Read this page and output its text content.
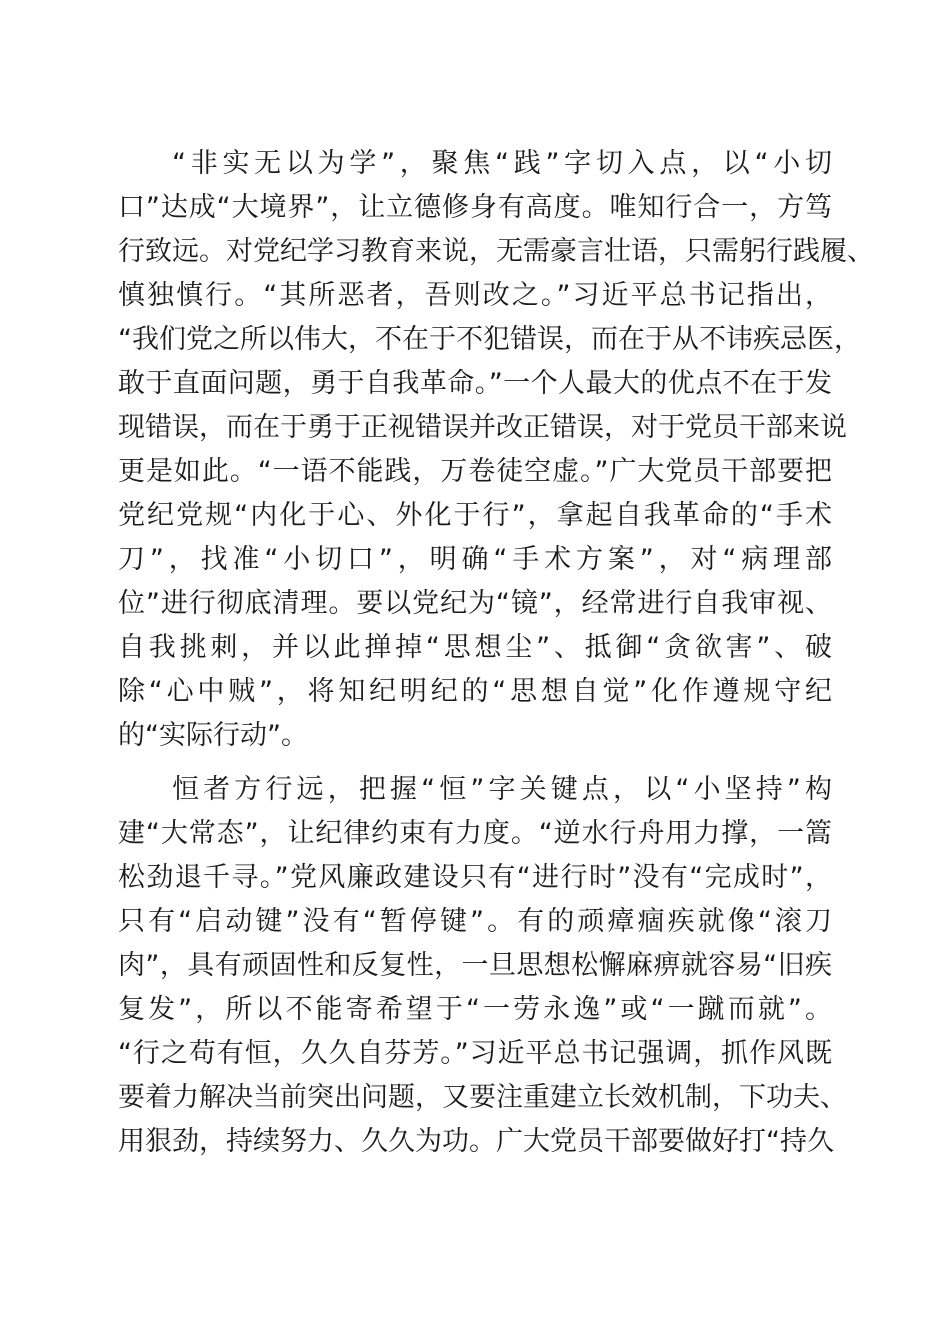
“非实无以为学”，聚焦“践”字切入点，以“小切
口”达成“大境界”，让立德修身有高度。唯知行合一，方笃
行致远。对党纪学习教育来说，无需豪言壮语，只需躬行践履、
慎独慎行。“其所恶者，吾则改之。”习近平总书记指出，
“我们党之所以伟大，不在于不犯错误，而在于从不讳疾忌医，
敢于直面问题，勇于自我革命。”一个人最大的优点不在于发
现错误，而在于勇于正视错误并改正错误，对于党员干部来说
更是如此。“一语不能践，万卷徒空虚。”广大党员干部要把
党纪党规“内化于心、外化于行”，拿起自我革命的“手术
刀”，找准“小切口”，明确“手术方案”，对“病理部
位”进行彻底清理。要以党纪为“镜”，经常进行自我审视、
自我挑刺，并以此掸掉“思想尘”、抵御“贪欲害”、破
除“心中贼”，将知纪明纪的“思想自觉”化作遵规守纪
的“实际行动”。
恒者方行远，把握“恒”字关键点，以“小坚持”构
建“大常态”，让纪律约束有力度。“逆水行舟用力撑，一篙
松劲退千寻。”党风廉政建设只有“进行时”没有“完成时”，
只有“启动键”没有“暂停键”。有的顽瘴痼疾就像“滚刀
肉”，具有顽固性和反复性，一旦思想松懈麻痹就容易“旧疾
复发”，所以不能寄希望于“一劳永逸”或“一蹴而就”。
“行之苟有恒，久久自芬芳。”习近平总书记强调，抓作风既
要着力解决当前突出问题，又要注重建立长效机制，下功夫、
用狠劲，持续努力、久久为功。广大党员干部要做好打“持久
